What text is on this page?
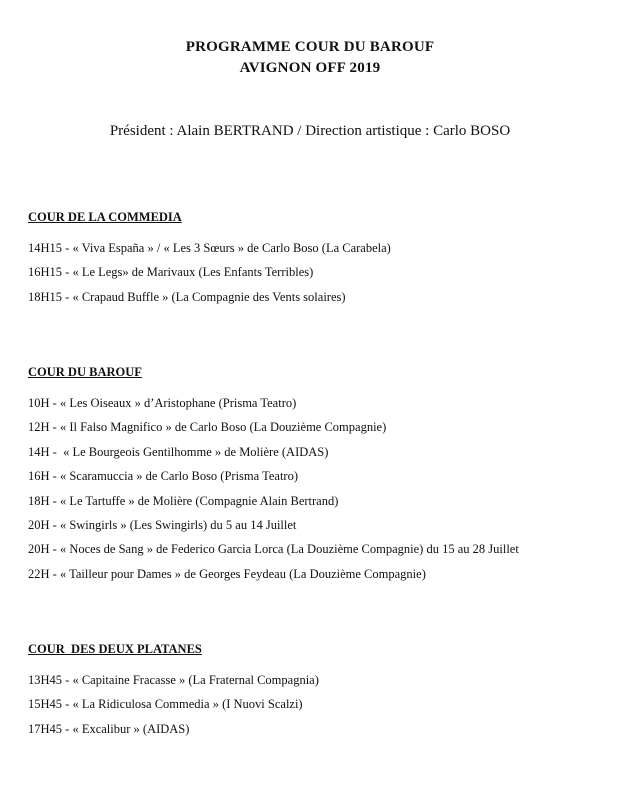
PROGRAMME COUR DU BAROUF
AVIGNON OFF 2019
Président : Alain BERTRAND / Direction artistique : Carlo BOSO
COUR DE LA COMMEDIA
14H15 - « Viva España » / « Les 3 Sœurs » de Carlo Boso (La Carabela)
16H15 - « Le Legs» de Marivaux (Les Enfants Terribles)
18H15 - « Crapaud Buffle » (La Compagnie des Vents solaires)
COUR DU BAROUF
10H - « Les Oiseaux » d’Aristophane (Prisma Teatro)
12H - « Il Falso Magnifico » de Carlo Boso (La Douzième Compagnie)
14H -  « Le Bourgeois Gentilhomme » de Molière (AIDAS)
16H - « Scaramuccia » de Carlo Boso (Prisma Teatro)
18H - « Le Tartuffe » de Molière (Compagnie Alain Bertrand)
20H - « Swingirls » (Les Swingirls) du 5 au 14 Juillet
20H - « Noces de Sang » de Federico Garcia Lorca (La Douzième Compagnie) du 15 au 28 Juillet
22H - « Tailleur pour Dames » de Georges Feydeau (La Douzième Compagnie)
COUR  DES DEUX PLATANES
13H45 - « Capitaine Fracasse » (La Fraternal Compagnia)
15H45 - « La Ridiculosa Commedia » (I Nuovi Scalzi)
17H45 - « Excalibur » (AIDAS)
